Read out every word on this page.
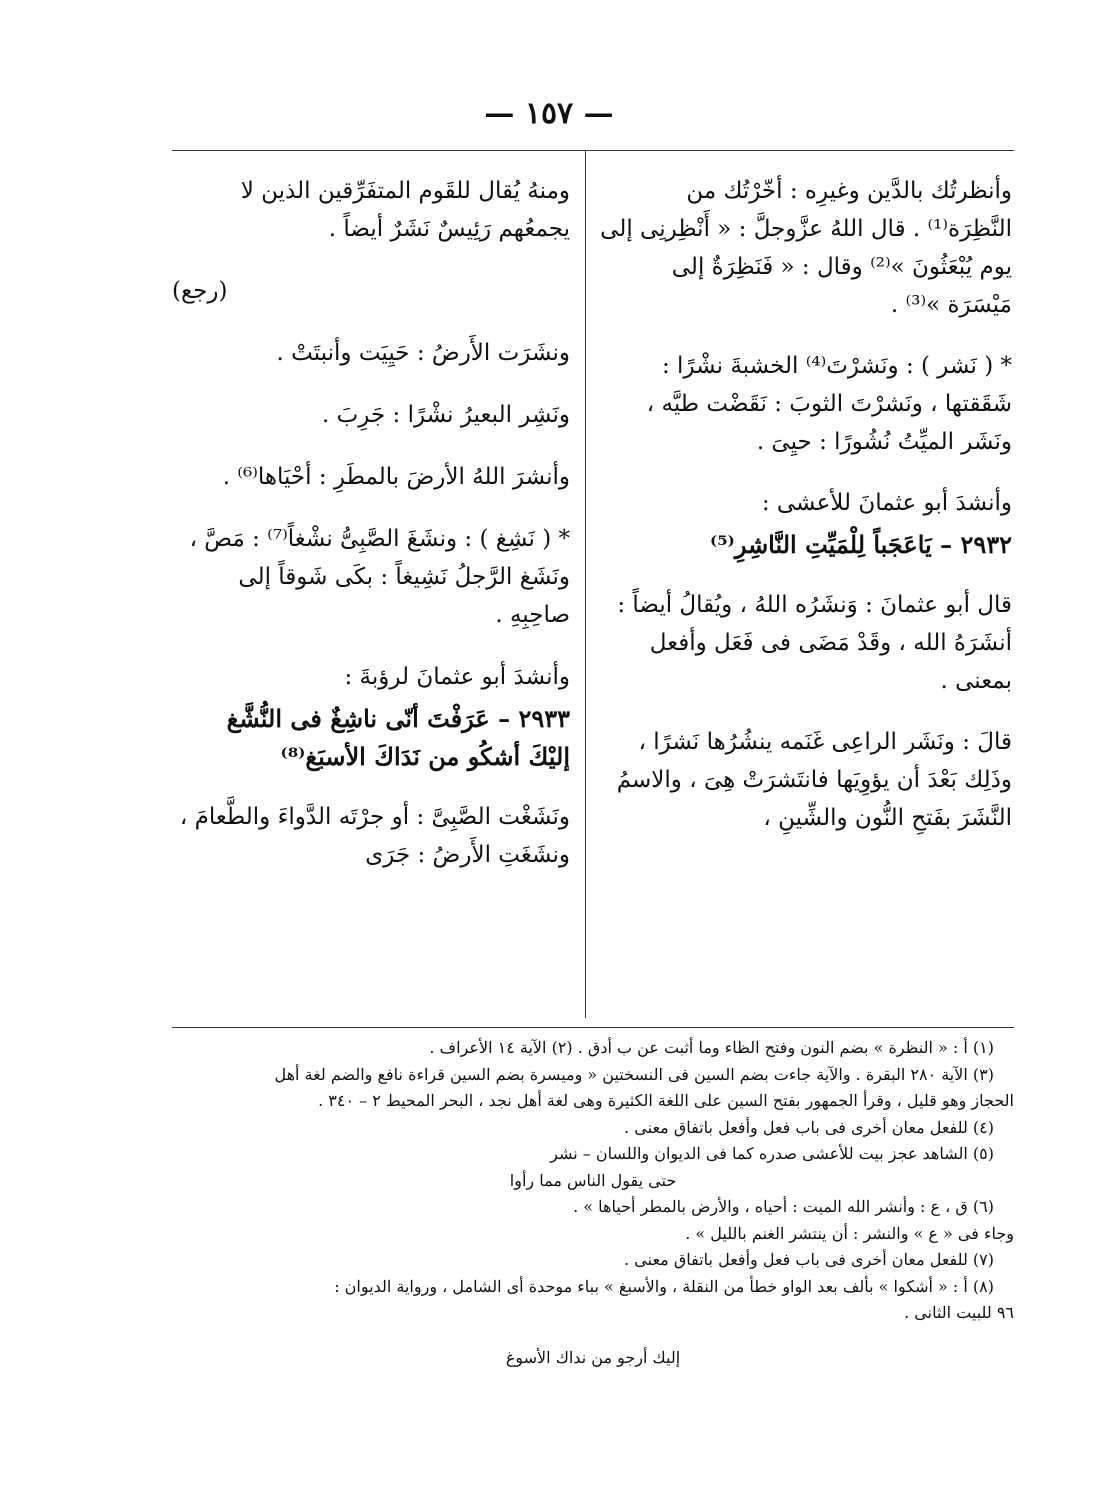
— ١٥٧ —

وأنظرتُك بالدَّين وغيرِه : أخّرْتُك من النَّظِرَة⁽¹⁾ . قال اللهُ عزَّوجلَّ : « أَنْظِرنِى إلى يوم يُبْعَثُونَ »⁽²⁾ وقال : « فَنَظِرَةٌ إلى مَيْسَرَة »⁽³⁾ .

* ( نَشر ) : ونَشرْتَ⁽⁴⁾ الخشبةَ نشْرًا : شَقَقتها ، ونَشرْتَ الثوبَ : نَقَضْت طيَّه ، ونَشَر الميِّتُ نُشُورًا : حيِىَ .

وأنشدَ أبو عثمانَ للأعشى :

٢٩٣٢ – يَاعَجَباً لِلْمَيِّتِ النَّاشِرِ⁽⁵⁾

قال أبو عثمانَ : وَنشَرُه اللهُ ، ويُقالُ أيضاً : أنشَرَهُ الله ، وقَدْ مَضَى فى فَعَل وأفعل بمعنى .

قالَ : ونَشَر الراعِى غَنَمه ينشُرُها نَشرًا ، وذَلِك بَعْدَ أن يؤوِيَها فانتَشرَتْ هِىَ ، والاسمُ النَّشَرَ بفَتحِ النُّون والشِّينِ ،

ومنهُ يُقال للقَوم المتفَرِّقين الذين لا يجمعُهم رَئِيسٌ نَشَرٌ أيضاً .

(رجع)

ونشَرَت الأَرضُ : حَيِيَت وأنبتَتْ .

ونَشِر البعيرُ نشْرًا : جَرِبَ .

وأنشرَ اللهُ الأرضَ بالمطَرِ : أحْيَاها⁽⁶⁾ .

* ( نَشِغ ) : ونشَغَ الصَّبِىُّ نشْغاً⁽⁷⁾ : مَصَّ ، ونَشَغ الرَّجلُ نَشِيغاً : بكَى شَوقاً إلى صاحِبِهِ .

وأنشدَ أبو عثمانَ لرؤبةَ :

٢٩٣٣ – عَرَفْتَ أنّى ناشِغٌ فى النُّشَّغ
إليْكَ أشكُو من نَدَاكَ الأسبَغ⁽⁸⁾

ونَشَغْت الصَّبِىَّ : أو جرْتَه الدَّواءَ والطَّعامَ ، ونشَغَتِ الأَرضُ : جَرَى

(١) أ : « النظرة » بضم النون وفتح الظاء وما أثبت عن ب أدق . (٢) الآية ١٤ الأعراف .

(٣) الآية ٢٨٠ البقرة . والآية جاءت بضم السين فى النسختين « وميسرة بضم السين قراءة نافع والضم لغة أهل

الحجاز وهو قليل ، وقرأ الجمهور بفتح السين على اللغة الكثيرة وهى لغة أهل نجد ، البحر المحيط ٢ – ٣٤٠ .

(٤) للفعل معان أخرى فى باب فعل وأفعل باتفاق معنى .

(٥) الشاهد عجز بيت للأعشى صدره كما فى الديوان واللسان – نشر

حتى يقول الناس مما رأوا

(٦) ق ، ع : وأنشر الله الميت : أحياه ، والأرض بالمطر أحياها » .

وجاء فى « ع » والنشر : أن ينتشر الغنم بالليل » .

(٧) للفعل معان أخرى فى باب فعل وأفعل باتفاق معنى .

(٨) أ : « أشكوا » بألف بعد الواو خطأ من النقلة ، والأسبغ » بباء موحدة أى الشامل ، ورواية الديوان :

٩٦ للبيت الثانى .

إليك أرجو من نداك الأسوغ
